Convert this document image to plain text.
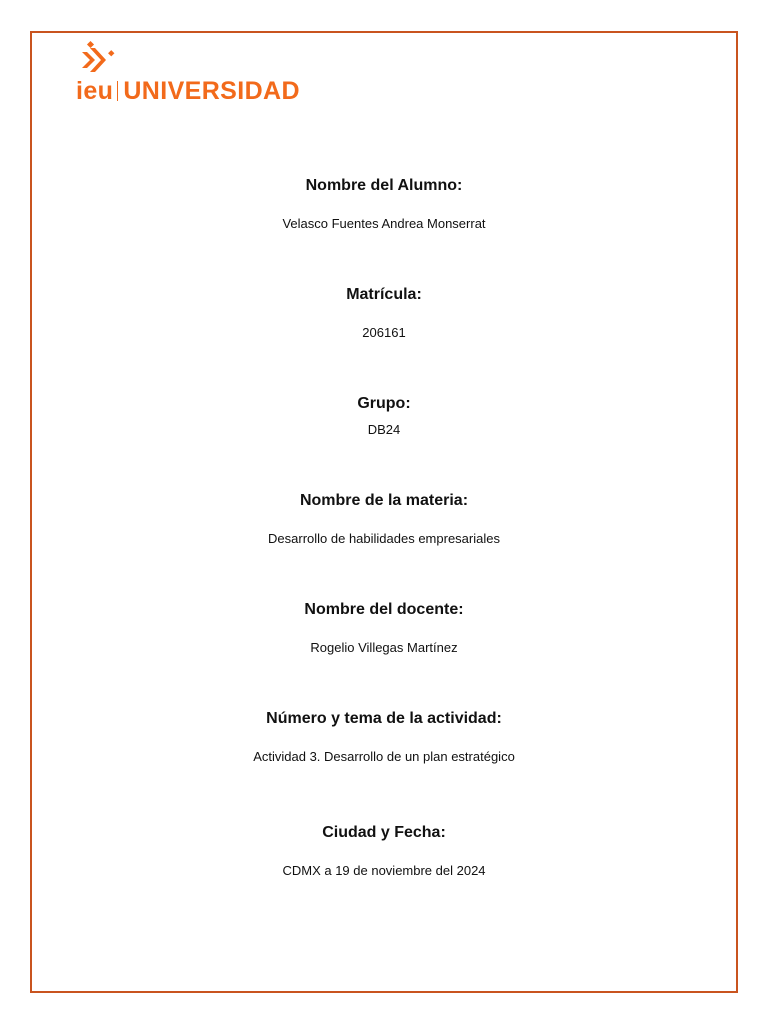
ieu UNIVERSIDAD
Nombre del Alumno:
Velasco Fuentes Andrea Monserrat
Matrícula:
206161
Grupo:
DB24
Nombre de la materia:
Desarrollo de habilidades empresariales
Nombre del docente:
Rogelio Villegas Martínez
Número y tema de la actividad:
Actividad 3. Desarrollo de un plan estratégico
Ciudad y Fecha:
CDMX a 19 de noviembre del 2024
